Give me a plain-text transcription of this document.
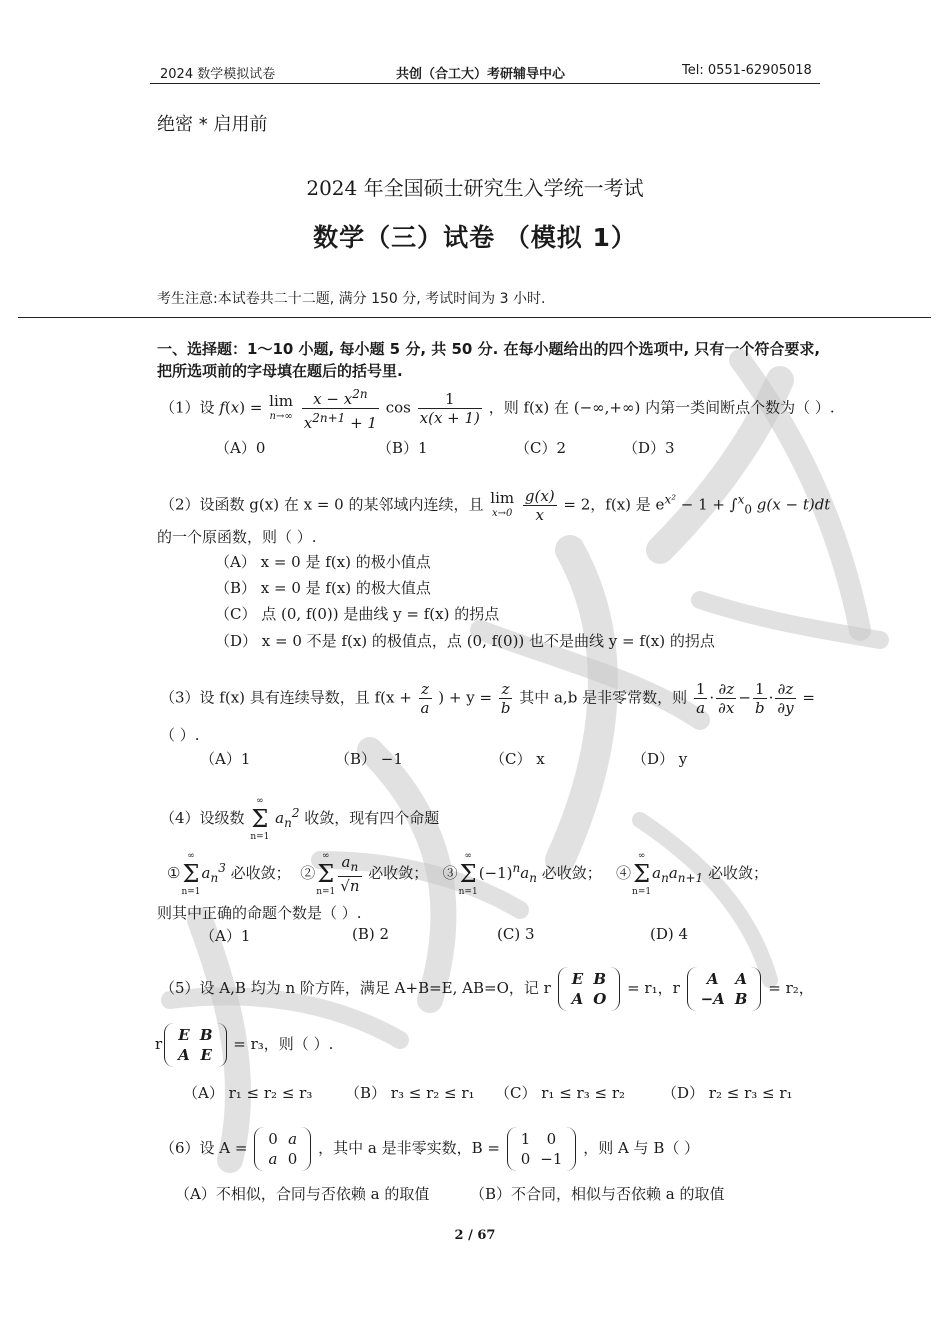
共创考研
2024 数学模拟试卷	共创（合工大）考研辅导中心	Tel: 0551-62905018
绝密 * 启用前
2024 年全国硕士研究生入学统一考试
数学（三）试卷 （模拟 1）
考生注意:本试卷共二十二题, 满分 150 分, 考试时间为 3 小时.
一、选择题：1〜10 小题, 每小题 5 分, 共 50 分. 在每小题给出的四个选项中, 只有一个符合要求, 把所选项前的字母填在题后的括号里.
（1）设 f(x) = lim
n→∞
$\frac{x - x^{2n}}{x^{2n+1} + 1}$ $\cos \frac{1}{x(x + 1)}$ ，则 f(x) 在 (−∞,+∞) 内第一类间断点个数为（ ）.
（A）0	（B）1	（C）2	（D）3
（2）设函数 g(x) 在 x = 0 的某邻域内连续，且 lim
x→0
$\frac{g(x)}{x} = 2$，f(x) 是 $e^{x^2} - 1 + \int^x_0$ g(x − t)dt
的一个原函数，则（ ）.
（A） x = 0 是 f(x) 的极小值点
（B） x = 0 是 f(x) 的极大值点
（C） 点 (0, f(0)) 是曲线 y = f(x) 的拐点
（D） x = 0 不是 f(x) 的极值点，点 (0, f(0)) 也不是曲线 y = f(x) 的拐点
（3）设 f(x) 具有连续导数，且 $f(x + \frac{z}{a}$ ) + $y = \frac{z}{b}$ 其中 a,b 是非零常数，则 $\frac{1}{a} \cdot \frac{\partial z}{\partial x} - \frac{1}{b} \cdot \frac{\partial z}{\partial y}$ =
（ ）.
（A）1	（B） −1	（C） x	（D） y
（4）设级数
∞
Σ
n=1
$a_n^2$ 收敛，现有四个命题
①
∞
Σ
n=1
$a_n^3$ 必收敛；  ②
∞
Σ
$n=1 \frac{a_n}{√n}$ 必收敛；   ③
∞
Σ
n=1
$(-1)^na_n$ 必收敛；   ④
∞
Σ
n=1
$a_na_{n+1}$ 必收敛；
则其中正确的命题个数是（ ）.
（A）1	(B) 2	(C) 3	(D) 4
（5）设 A,B 均为 n 阶方阵，满足 A+B=E, AB=O，记 r E	B
A	O
= r₁，r A	A
−A	B
= r₂，
r E	B
A	E
= r₃，则（ ）.
（A） r₁ ≤ r₂ ≤ r₃ （B） r₃ ≤ r₂ ≤ r₁ （C） r₁ ≤ r₃ ≤ r₂ （D） r₂ ≤ r₃ ≤ r₁
（6）设 A = 0	a
a	0
，其中 a 是非零实数，B = 1	0
0	−1
，则 A 与 B（ ）
（A）不相似，合同与否依赖 a 的取值	（B）不合同，相似与否依赖 a 的取值
2 / 67
